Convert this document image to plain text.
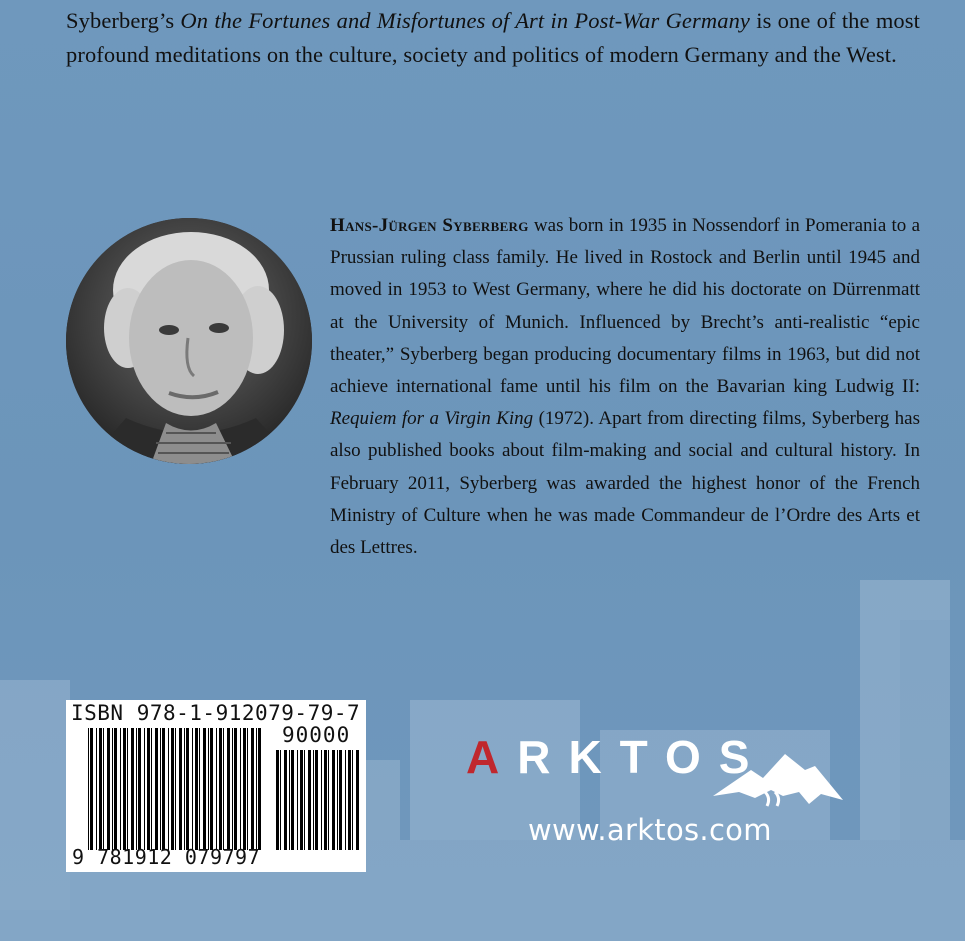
Syberberg’s On the Fortunes and Misfortunes of Art in Post-War Germany is one of the most profound meditations on the culture, society and politics of modern Germany and the West.

Hans-Jürgen Syberberg was born in 1935 in Nossendorf in Pomerania to a Prussian ruling class family. He lived in Rostock and Berlin until 1945 and moved in 1953 to West Germany, where he did his doctorate on Dürrenmatt at the University of Munich. Influenced by Brecht’s anti-realistic “epic theater,” Syberberg began producing documentary films in 1963, but did not achieve international fame until his film on the Bavarian king Ludwig II: Requiem for a Virgin King (1972). Apart from directing films, Syberberg has also published books about film-making and social and cultural history. In February 2011, Syberberg was awarded the highest honor of the French Ministry of Culture when he was made Commandeur de l’Ordre des Arts et des Lettres.

ISBN 978-1-912079-79-7
90000
9 781912 079797
ARKTOS
www.arktos.com
